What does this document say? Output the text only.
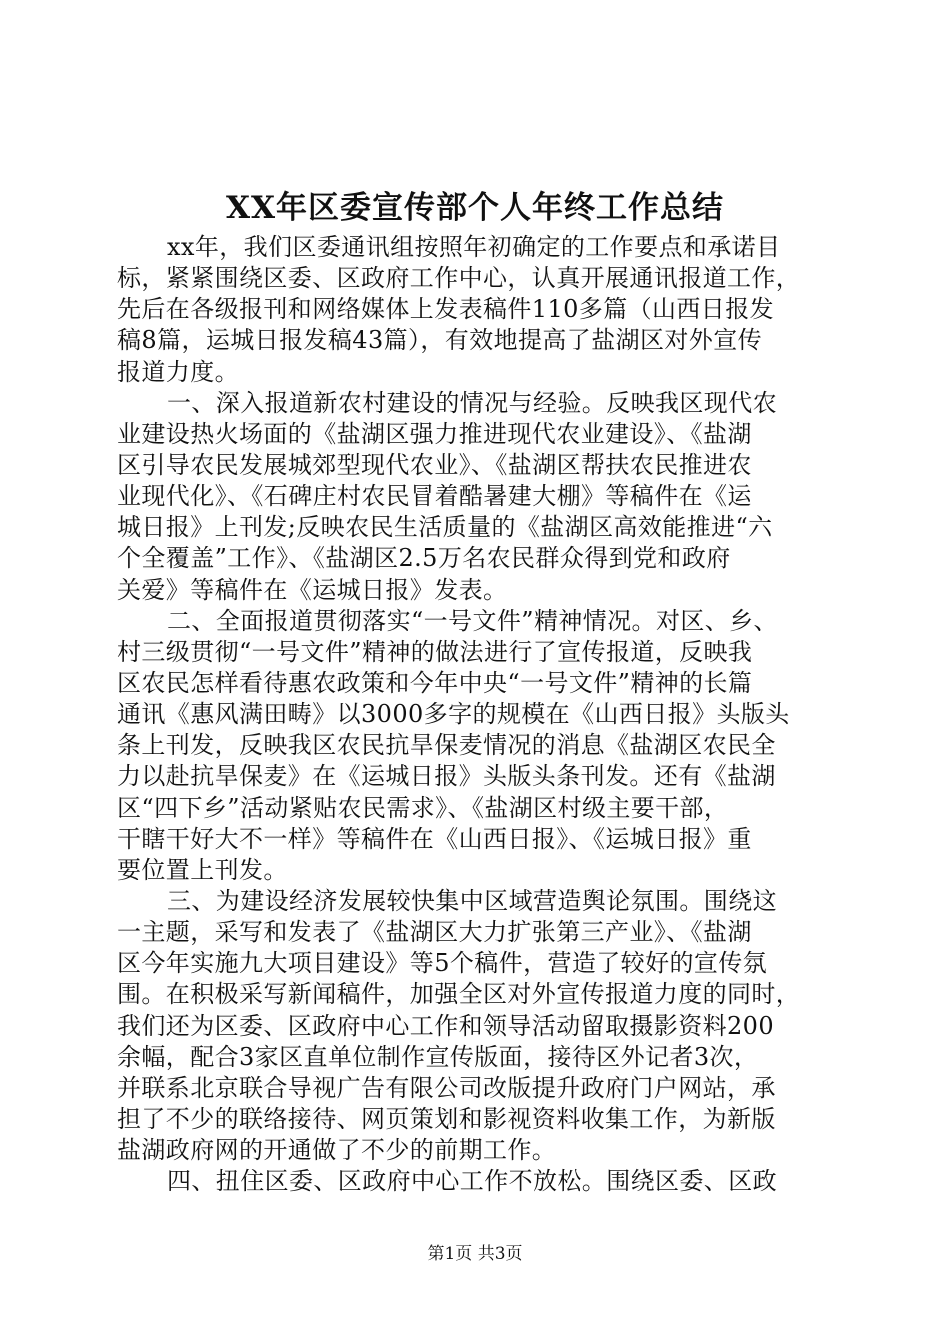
XX年区委宣传部个人年终工作总结
xx年，我们区委通讯组按照年初确定的工作要点和承诺目
标，紧紧围绕区委、区政府工作中心，认真开展通讯报道工作，
先后在各级报刊和网络媒体上发表稿件110多篇（山西日报发
稿8篇，运城日报发稿43篇），有效地提高了盐湖区对外宣传
报道力度。
一、深入报道新农村建设的情况与经验。反映我区现代农
业建设热火场面的《盐湖区强力推进现代农业建设》、《盐湖
区引导农民发展城郊型现代农业》、《盐湖区帮扶农民推进农
业现代化》、《石碑庄村农民冒着酷暑建大棚》等稿件在《运
城日报》上刊发;反映农民生活质量的《盐湖区高效能推进“六
个全覆盖”工作》、《盐湖区2.5万名农民群众得到党和政府
关爱》等稿件在《运城日报》发表。
二、全面报道贯彻落实“一号文件”精神情况。对区、乡、
村三级贯彻“一号文件”精神的做法进行了宣传报道，反映我
区农民怎样看待惠农政策和今年中央“一号文件”精神的长篇
通讯《惠风满田畴》以3000多字的规模在《山西日报》头版头
条上刊发，反映我区农民抗旱保麦情况的消息《盐湖区农民全
力以赴抗旱保麦》在《运城日报》头版头条刊发。还有《盐湖
区“四下乡”活动紧贴农民需求》、《盐湖区村级主要干部，
干瞎干好大不一样》等稿件在《山西日报》、《运城日报》重
要位置上刊发。
三、为建设经济发展较快集中区域营造舆论氛围。围绕这
一主题，采写和发表了《盐湖区大力扩张第三产业》、《盐湖
区今年实施九大项目建设》等5个稿件，营造了较好的宣传氛
围。在积极采写新闻稿件，加强全区对外宣传报道力度的同时，
我们还为区委、区政府中心工作和领导活动留取摄影资料200
余幅，配合3家区直单位制作宣传版面，接待区外记者3次，
并联系北京联合导视广告有限公司改版提升政府门户网站，承
担了不少的联络接待、网页策划和影视资料收集工作，为新版
盐湖政府网的开通做了不少的前期工作。
四、扭住区委、区政府中心工作不放松。围绕区委、区政
第1页 共3页
